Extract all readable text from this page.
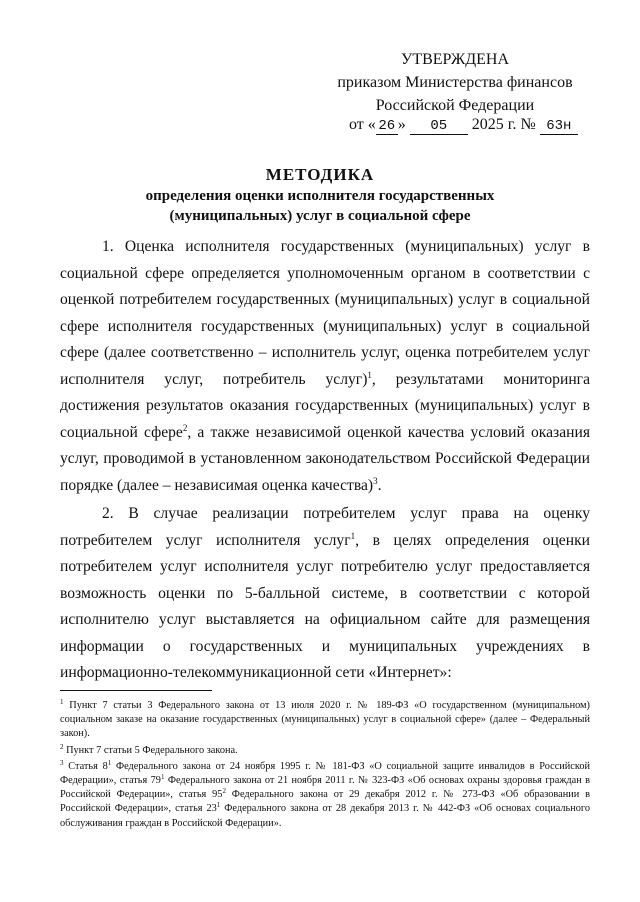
УТВЕРЖДЕНА
приказом Министерства финансов
Российской Федерации
от « 26 » 05 2025 г. № 63н
МЕТОДИКА
определения оценки исполнителя государственных
(муниципальных) услуг в социальной сфере

1. Оценка исполнителя государственных (муниципальных) услуг в социальной сфере определяется уполномоченным органом в соответствии с оценкой потребителем государственных (муниципальных) услуг в социальной сфере исполнителя государственных (муниципальных) услуг в социальной сфере (далее соответственно – исполнитель услуг, оценка потребителем услуг исполнителя услуг, потребитель услуг)$^1$, результатами мониторинга достижения результатов оказания государственных (муниципальных) услуг в социальной сфере$^2$, а также независимой оценкой качества условий оказания услуг, проводимой в установленном законодательством Российской Федерации порядке (далее – независимая оценка качества)$^3$.

2. В случае реализации потребителем услуг права на оценку потребителем услуг исполнителя услуг$^1$, в целях определения оценки потребителем услуг исполнителя услуг потребителю услуг предоставляется возможность оценки по 5-балльной системе, в соответствии с которой исполнителю услуг выставляется на официальном сайте для размещения информации о государственных и муниципальных учреждениях в информационно-телекоммуникационной сети «Интернет»:

$^1$ Пункт 7 статьи 3 Федерального закона от 13 июля 2020 г. № 189-ФЗ «О государственном (муниципальном) социальном заказе на оказание государственных (муниципальных) услуг в социальной сфере» (далее – Федеральный закон).

$^2$ Пункт 7 статьи 5 Федерального закона.

$^3$ Статья $8^1$ Федерального закона от 24 ноября 1995 г. № 181-ФЗ «О социальной защите инвалидов в Российской Федерации», статья $79^1$ Федерального закона от 21 ноября 2011 г. № 323-ФЗ «Об основах охраны здоровья граждан в Российской Федерации», статья $95^2$ Федерального закона от 29 декабря 2012 г. № 273-ФЗ «Об образовании в Российской Федерации», статья $23^1$ Федерального закона от 28 декабря 2013 г. № 442-ФЗ «Об основах социального обслуживания граждан в Российской Федерации».
